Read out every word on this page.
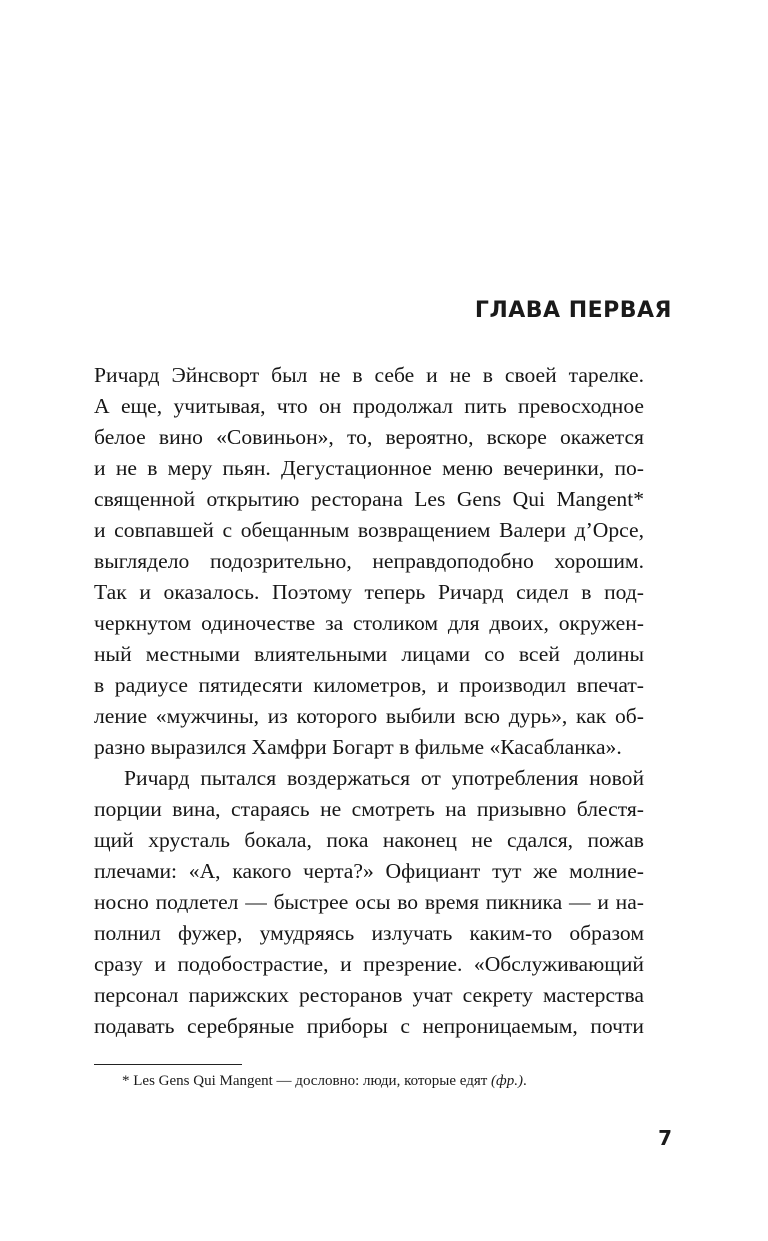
ГЛАВА ПЕРВАЯ
Ричард Эйнсворт был не в себе и не в своей тарелке.
А еще, учитывая, что он продолжал пить превосходное
белое вино «Совиньон», то, вероятно, вскоре окажется
и не в меру пьян. Дегустационное меню вечеринки, по-
священной открытию ресторана Les Gens Qui Mangent*
и совпавшей с обещанным возвращением Валери д’Орсе,
выглядело подозрительно, неправдоподобно хорошим.
Так и оказалось. Поэтому теперь Ричард сидел в под-
черкнутом одиночестве за столиком для двоих, окружен-
ный местными влиятельными лицами со всей долины
в радиусе пятидесяти километров, и производил впечат-
ление «мужчины, из которого выбили всю дурь», как об-
разно выразился Хамфри Богарт в фильме «Касабланка».
Ричард пытался воздержаться от употребления новой
порции вина, стараясь не смотреть на призывно блестя-
щий хрусталь бокала, пока наконец не сдался, пожав
плечами: «А, какого черта?» Официант тут же молние-
носно подлетел — быстрее осы во время пикника — и на-
полнил фужер, умудряясь излучать каким-то образом
сразу и подобострастие, и презрение. «Обслуживающий
персонал парижских ресторанов учат секрету мастерства
подавать серебряные приборы с непроницаемым, почти
* Les Gens Qui Mangent — дословно: люди, которые едят (фр.).
7
